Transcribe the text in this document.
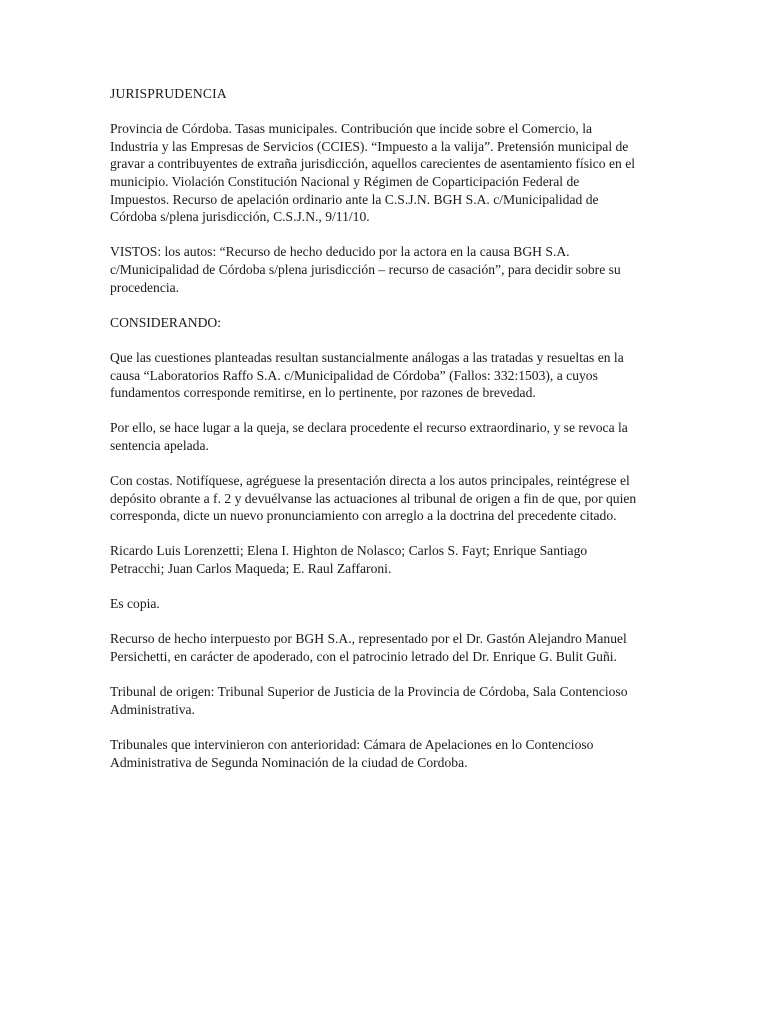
JURISPRUDENCIA

Provincia de Córdoba. Tasas municipales. Contribución que incide sobre el Comercio, la Industria y las Empresas de Servicios (CCIES). “Impuesto a la valija”. Pretensión municipal de gravar a contribuyentes de extraña jurisdicción, aquellos carecientes de asentamiento físico en el municipio. Violación Constitución Nacional y Régimen de Coparticipación Federal de Impuestos. Recurso de apelación ordinario ante la C.S.J.N. BGH S.A. c/Municipalidad de Córdoba s/plena jurisdicción, C.S.J.N., 9/11/10.

VISTOS: los autos: “Recurso de hecho deducido por la actora en la causa BGH S.A. c/Municipalidad de Córdoba s/plena jurisdicción – recurso de casación”, para decidir sobre su procedencia.

CONSIDERANDO:

Que las cuestiones planteadas resultan sustancialmente análogas a las tratadas y resueltas en la causa “Laboratorios Raffo S.A. c/Municipalidad de Córdoba” (Fallos: 332:1503), a cuyos fundamentos corresponde remitirse, en lo pertinente, por razones de brevedad.

Por ello, se hace lugar a la queja, se declara procedente el recurso extraordinario, y se revoca la sentencia apelada.

Con costas. Notifíquese, agréguese la presentación directa a los autos principales, reintégrese el depósito obrante a f. 2 y devuélvanse las actuaciones al tribunal de origen a fin de que, por quien corresponda, dicte un nuevo pronunciamiento con arreglo a la doctrina del precedente citado.

Ricardo Luis Lorenzetti; Elena I. Highton de Nolasco; Carlos S. Fayt; Enrique Santiago Petracchi; Juan Carlos Maqueda; E. Raul Zaffaroni.

Es copia.

Recurso de hecho interpuesto por BGH S.A., representado por el Dr. Gastón Alejandro Manuel Persichetti, en carácter de apoderado, con el patrocinio letrado del Dr. Enrique G. Bulit Guñi.

Tribunal de origen: Tribunal Superior de Justicia de la Provincia de Córdoba, Sala Contencioso Administrativa.

Tribunales que intervinieron con anterioridad: Cámara de Apelaciones en lo Contencioso Administrativa de Segunda Nominación de la ciudad de Cordoba.
